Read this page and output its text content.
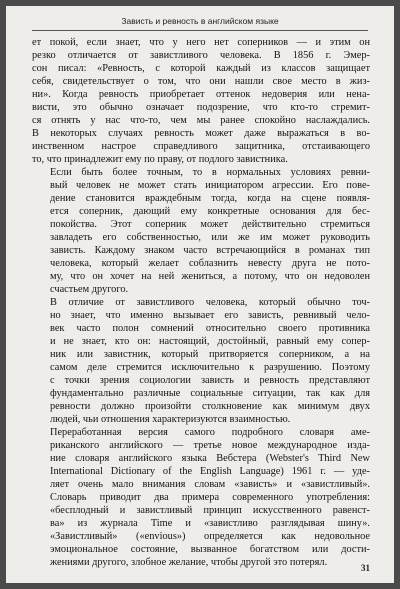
Зависть и ревность в английском языке

ет покой, если знает, что у него нет соперников — и этим он
резко отличается от завистливого человека. В 1856 г. Эмер-
сон писал: «Ревность, с которой каждый из классов защищает
себя, свидетельствует о том, что они нашли свое место в жиз-
ни». Когда ревность приобретает оттенок недоверия или нена-
висти, это обычно означает подозрение, что кто-то стремит-
ся отнять у нас что-то, чем мы ранее спокойно наслаждались.
В некоторых случаях ревность может даже выражаться в во-
инственном настрое справедливого защитника, отстаивающего
то, что принадлежит ему по праву, от подлого завистника.

Если быть более точным, то в нормальных условиях ревни-
вый человек не может стать инициатором агрессии. Его пове-
дение становится враждебным тогда, когда на сцене появля-
ется соперник, дающий ему конкретные основания для бес-
покойства. Этот соперник может действительно стремиться
завладеть его собственностью, или же им может руководить
зависть. Каждому знаком часто встречающийся в романах тип
человека, который желает соблазнить невесту друга не пото-
му, что он хочет на ней жениться, а потому, что он недоволен
счастьем другого.

В отличие от завистливого человека, который обычно точ-
но знает, что именно вызывает его зависть, ревнивый чело-
век часто полон сомнений относительно своего противника
и не знает, кто он: настоящий, достойный, равный ему сопер-
ник или завистник, который притворяется соперником, а на
самом деле стремится исключительно к разрушению. Поэтому
с точки зрения социологии зависть и ревность представляют
фундаментально различные социальные ситуации, так как для
ревности должно произойти столкновение как минимум двух
людей, чьи отношения характеризуются взаимностью.

Переработанная версия самого подробного словаря аме-
риканского английского — третье новое международное изда-
ние словаря английского языка Вебстера (Webster's Third New
International Dictionary of the English Language) 1961 г. — уде-
ляет очень мало внимания словам «зависть» и «завистливый».
Словарь приводит два примера современного употребления:
«бесплодный и завистливый принцип искусственного равенст-
ва» из журнала Time и «завистливо разглядывая шину».
«Завистливый» («envious») определяется как недовольное
эмоциональное состояние, вызванное богатством или дости-
жениями другого, злобное желание, чтобы другой это потерял.	31
